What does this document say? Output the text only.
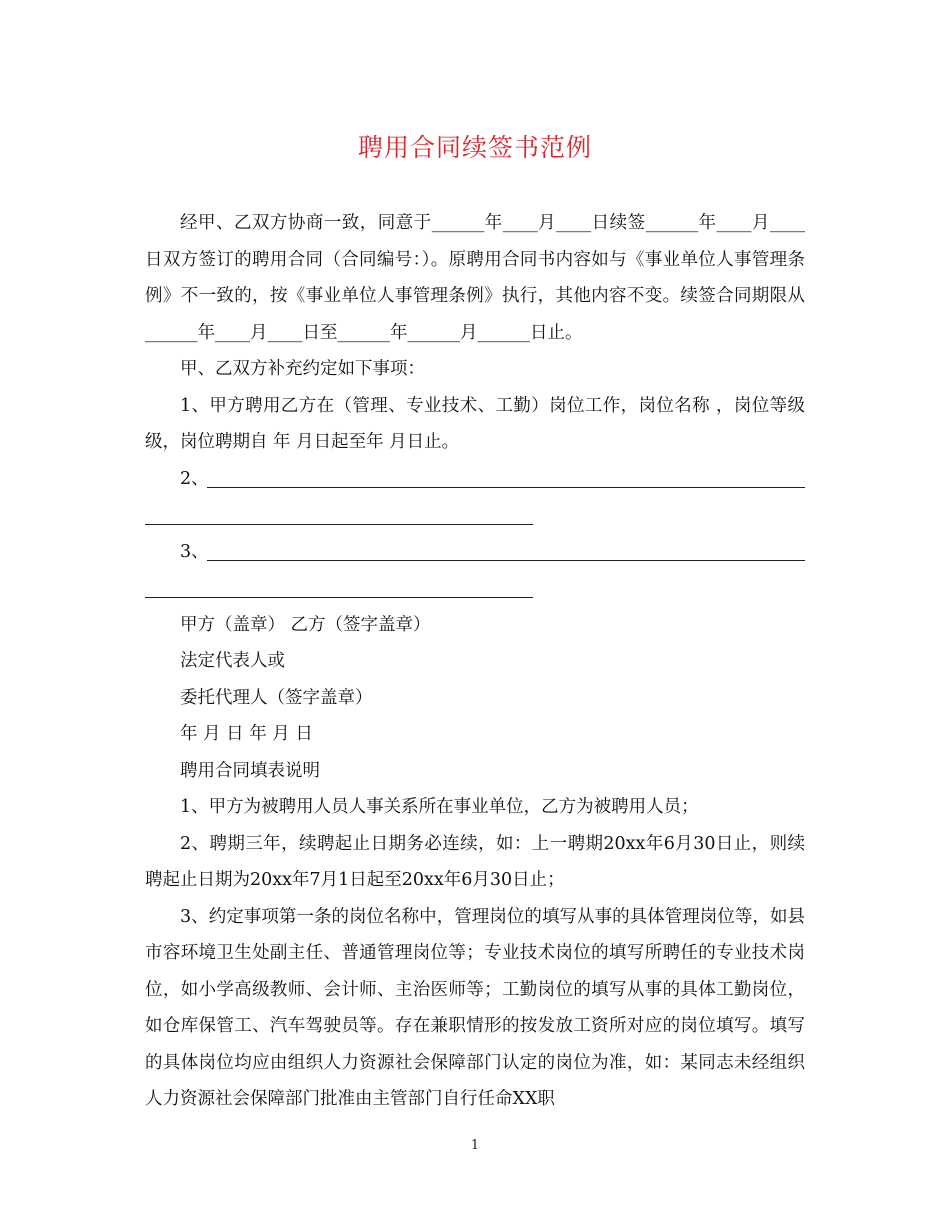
聘用合同续签书范例

经甲、乙双方协商一致，同意于______年____月____日续签______年____月____日双方签订的聘用合同（合同编号：）。原聘用合同书内容如与《事业单位人事管理条例》不一致的，按《事业单位人事管理条例》执行，其他内容不变。续签合同期限从______年____月____日至______年______月______日止。

甲、乙双方补充约定如下事项：

1、甲方聘用乙方在（管理、专业技术、工勤）岗位工作，岗位名称 ，岗位等级 级，岗位聘期自 年 月日起至年 月日止。

2、
3、

甲方（盖章） 乙方（签字盖章）

法定代表人或

委托代理人（签字盖章）

年 月 日 年 月 日

聘用合同填表说明

1、甲方为被聘用人员人事关系所在事业单位，乙方为被聘用人员；

2、聘期三年，续聘起止日期务必连续，如：上一聘期20xx年6月30日止，则续聘起止日期为20xx年7月1日起至20xx年6月30日止；

3、约定事项第一条的岗位名称中，管理岗位的填写从事的具体管理岗位等，如县市容环境卫生处副主任、普通管理岗位等；专业技术岗位的填写所聘任的专业技术岗位，如小学高级教师、会计师、主治医师等；工勤岗位的填写从事的具体工勤岗位，如仓库保管工、汽车驾驶员等。存在兼职情形的按发放工资所对应的岗位填写。填写的具体岗位均应由组织人力资源社会保障部门认定的岗位为准，如：某同志未经组织人力资源社会保障部门批准由主管部门自行任命XX职

1
